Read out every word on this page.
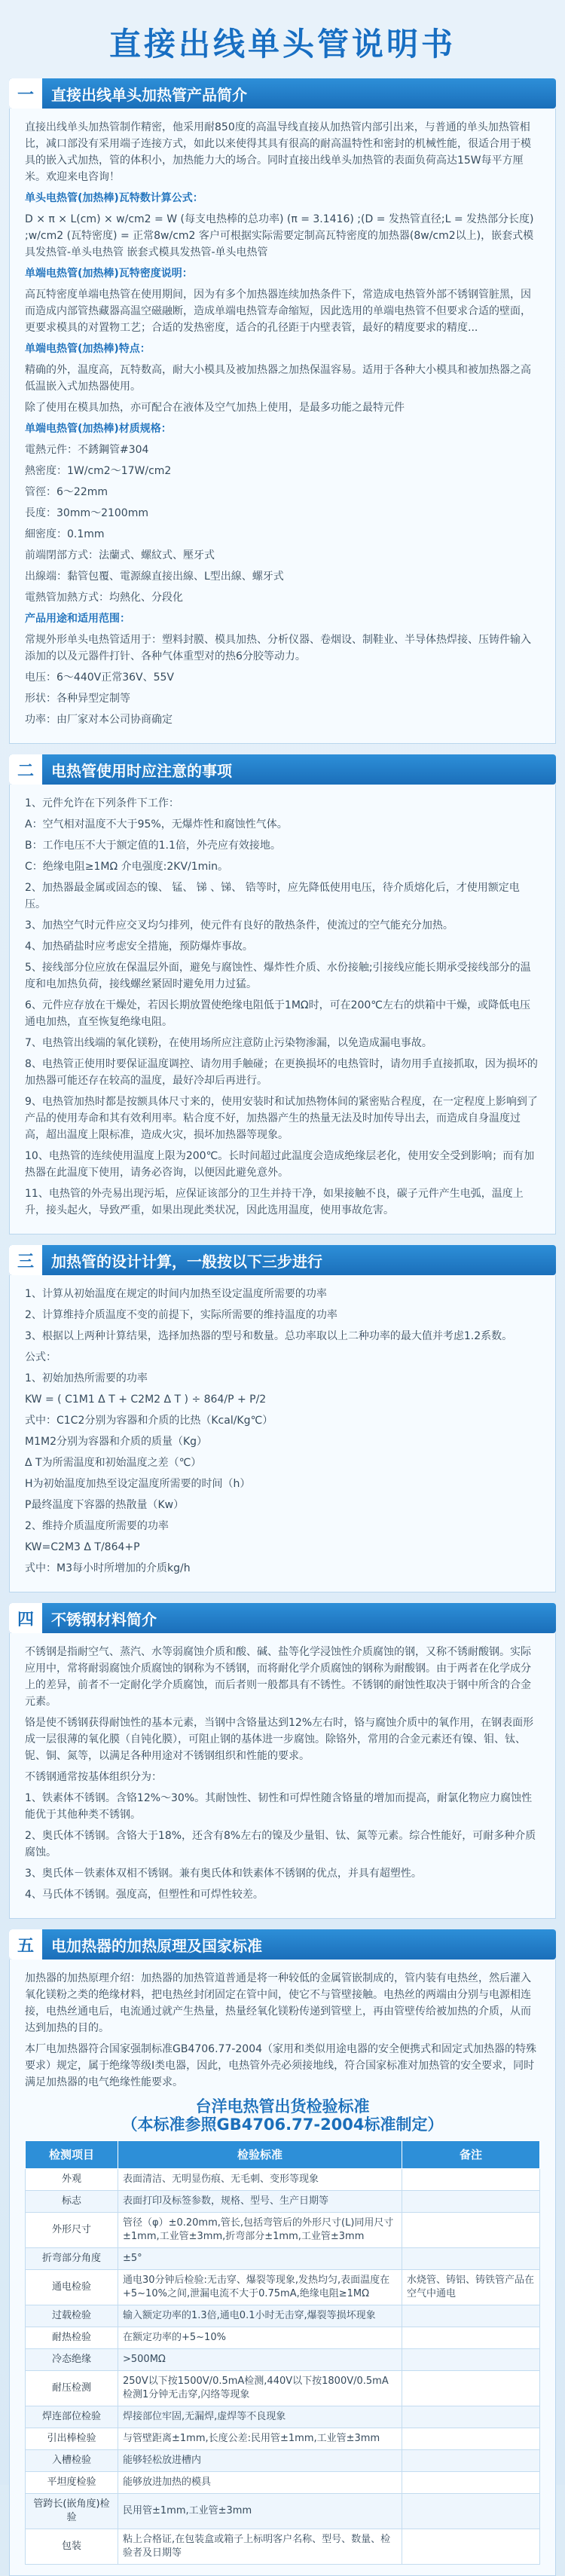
直接出线单头管说明书
一	直接出线单头加热管产品简介

直接出线单头加热管制作精密，他采用耐850度的高温导线直接从加热管内部引出来，与普通的单头加热管相比，减口部没有采用端子连接方式，如此以来使得其具有很高的耐高温特性和密封的机械性能，很适合用于模具的嵌入式加热，管的体积小，加热能力大的场合。同时直接出线单头加热管的表面负荷高达15W每平方厘米。欢迎来电咨询！

单头电热管(加热棒)瓦特数计算公式：

D × π × L(cm) × w/cm2 = W (每支电热棒的总功率) (π = 3.1416) ;(D = 发热管直径;L = 发热部分长度) ;w/cm2 (瓦特密度) = 正常8w/cm2 客户可根据实际需要定制高瓦特密度的加热器(8w/cm2以上)，嵌套式模具发热管-单头电热管 嵌套式模具发热管-单头电热管

单端电热管(加热棒)瓦特密度说明：

高瓦特密度单端电热管在使用期间，因为有多个加热器连续加热条件下，常造成电热管外部不锈钢管脏黑，因而造成内部管热藏器高温空磁融断，造成单端电热管寿命缩短，因此选用的单端电热管不但要求合适的壁面，更要求模具的对置物工艺；合适的发热密度，适合的孔径距于内壁表管，最好的精度要求的精度...

单端电热管(加热棒)特点：

精确的外，温度高，瓦特数高，耐大小模具及被加热器之加热保温容易。适用于各种大小模具和被加热器之高低温嵌入式加热器使用。

除了使用在模具加热，亦可配合在液体及空气加热上使用，是最多功能之最特元件

单端电热管(加热棒)材质规格：

電熱元件：不銹鋼管#304

熱密度：1W/cm2～17W/cm2

管徑：6～22mm

長度：30mm～2100mm

細密度：0.1mm

前端閉部方式：法蘭式、螺紋式、壓牙式

出線端：黏管包覆、電源線直接出線、L型出線、螺牙式

電熱管加熱方式：均熱化、分段化

产品用途和适用范围：

常规外形单头电热管适用于：塑料封膜、模具加热、分析仪器、卷烟设、制鞋业、半导体热焊接、压铸件输入添加的以及元器件打针、各种气体重型对的热6分胶等动力。

电压：6～440V正常36V、55V

形状：各种异型定制等

功率：由厂家对本公司协商确定

二	电热管使用时应注意的事项

1、元件允许在下列条件下工作：

A：空气相对温度不大于95%，无爆炸性和腐蚀性气体。

B：工作电压不大于额定值的1.1倍，外壳应有效接地。

C：绝缘电阻≥1MΩ 介电强度:2KV/1min。

2、加热器最金属或固态的镍、 锰、 锑 、锑、 锆等时，应先降低使用电压，待介质熔化后，才使用额定电压。

3、加热空气时元件应交叉均匀排列，使元件有良好的散热条件，使流过的空气能充分加热。

4、加热硝盐时应考虑安全措施，预防爆炸事故。

5、接线部分位应放在保温层外面，避免与腐蚀性、爆炸性介质、水份接触;引接线应能长期承受接线部分的温度和电加热负荷，接线螺丝紧固时避免用力过猛。

6、元件应存放在干燥处，若因长期放置使绝缘电阻低于1MΩ时，可在200℃左右的烘箱中干燥，或降低电压通电加热，直至恢复绝缘电阻。

7、电热管出线端的氧化镁粉，在使用场所应注意防止污染物渗漏，以免造成漏电事故。

8、电热管正使用时要保证温度调控、请勿用手触碰；在更换损坏的电热管时，请勿用手直接抓取，因为损坏的加热器可能还存在较高的温度，最好冷却后再进行。

9、电热管加热时都是按额具体尺寸来的，使用安装时和试加热物体间的紧密贴合程度，在一定程度上影响到了产品的使用寿命和其有效利用率。粘合度不好，加热器产生的热量无法及时加传导出去，而造成自身温度过高，超出温度上限标准，造成火灾，损坏加热器等现象。

10、电热管的连续使用温度上限为200℃。长时间超过此温度会造成绝缘层老化，使用安全受到影响；而有加热器在此温度下使用，请务必咨询，以便因此避免意外。

11、电热管的外壳易出现污垢，应保证该部分的卫生并持干净，如果接触不良，碳子元件产生电弧，温度上升，接头起火，导致严重，如果出现此类状况，因此选用温度，使用事故危害。

三	加热管的设计计算，一般按以下三步进行

1、计算从初始温度在规定的时间内加热至设定温度所需要的功率

2、计算维持介质温度不变的前提下，实际所需要的维持温度的功率

3、根据以上两种计算结果，选择加热器的型号和数量。总功率取以上二种功率的最大值并考虑1.2系数。

公式：

1、初始加热所需要的功率

KW = ( C1M1 Δ T + C2M2 Δ T ) ÷ 864/P + P/2

式中：C1C2分别为容器和介质的比热（Kcal/Kg℃）

M1M2分别为容器和介质的质量（Kg）

Δ T为所需温度和初始温度之差（℃）

H为初始温度加热至设定温度所需要的时间（h）

P最终温度下容器的热散量（Kw）

2、维持介质温度所需要的功率

KW=C2M3 Δ T/864+P

式中：M3每小时所增加的介质kg/h

四	不锈钢材料简介

不锈钢是指耐空气、蒸汽、水等弱腐蚀介质和酸、碱、盐等化学浸蚀性介质腐蚀的钢，又称不锈耐酸钢。实际应用中，常将耐弱腐蚀介质腐蚀的钢称为不锈钢，而将耐化学介质腐蚀的钢称为耐酸钢。由于两者在化学成分上的差异，前者不一定耐化学介质腐蚀，而后者则一般都具有不锈性。不锈钢的耐蚀性取决于钢中所含的合金元素。

铬是使不锈钢获得耐蚀性的基本元素，当钢中含铬量达到12%左右时，铬与腐蚀介质中的氧作用，在钢表面形成一层很薄的氧化膜（自钝化膜），可阻止钢的基体进一步腐蚀。除铬外，常用的合金元素还有镍、钼、钛、铌、铜、氮等，以满足各种用途对不锈钢组织和性能的要求。

不锈钢通常按基体组织分为：

1、铁素体不锈钢。含铬12%～30%。其耐蚀性、韧性和可焊性随含铬量的增加而提高，耐氯化物应力腐蚀性能优于其他种类不锈钢。

2、奥氏体不锈钢。含铬大于18%，还含有8%左右的镍及少量钼、钛、氮等元素。综合性能好，可耐多种介质腐蚀。

3、奥氏体－铁素体双相不锈钢。兼有奥氏体和铁素体不锈钢的优点，并具有超塑性。

4、马氏体不锈钢。强度高，但塑性和可焊性较差。

五	电加热器的加热原理及国家标准

加热器的加热原理介绍：加热器的加热管道普通是将一种较低的金属管嵌制成的，管内装有电热丝，然后灌入氧化镁粉之类的绝缘材料，把电热丝封闭固定在管中间，使它不与管壁接触。电热丝的两端由分别与电源相连接，电热丝通电后，电流通过就产生热量，热量经氧化镁粉传递到管壁上，再由管壁传给被加热的介质，从而达到加热的目的。

本厂电加热器符合国家强制标准GB4706.77-2004（家用和类似用途电器的安全便携式和固定式加热器的特殊要求）规定，属于绝缘等级I类电器，因此，电热管外壳必须接地线，符合国家标准对加热管的安全要求，同时满足加热器的电气绝缘性能要求。

台洋电热管出货检验标准
（本标准参照GB4706.77-2004标准制定）
检测项目	检验标准	备注
外观	表面清洁、无明显伤痕、无毛刺、变形等现象	
标志	表面打印及标签参数，规格、型号、生产日期等	
外形尺寸	管径（φ）±0.20mm,管长,包括弯管后的外形尺寸(L)同用尺寸±1mm,工业管±3mm,折弯部分±1mm,工业管±3mm	
折弯部分角度	±5°	
通电检验	通电30分钟后检验:无击穿、爆裂等现象,发热均匀,表面温度在+5~10%之间,泄漏电流不大于0.75mA,绝缘电阻≥1MΩ	水烧管、铸铝、铸铁管产品在空气中通电
过载检验	输入额定功率的1.3倍,通电0.1小时无击穿,爆裂等损坏现象	
耐热检验	在额定功率的+5~10%	
冷态绝缘	>500MΩ	
耐压检测	250V以下按1500V/0.5mA检测,440V以下按1800V/0.5mA检测1分钟无击穿,闪络等现象	
焊连部位检验	焊接部位牢固,无漏焊,虚焊等不良现象	
引出棒检验	与管壁距离±1mm,长度公差:民用管±1mm,工业管±3mm	
入槽检验	能够轻松放进槽内	
平坦度检验	能够放进加热的模具	
管跨长(嵌角度)检验	民用管±1mm,工业管±3mm	
包装	粘上合格证,在包装盒或箱子上标明客户名称、型号、数量、检验者及日期等	
